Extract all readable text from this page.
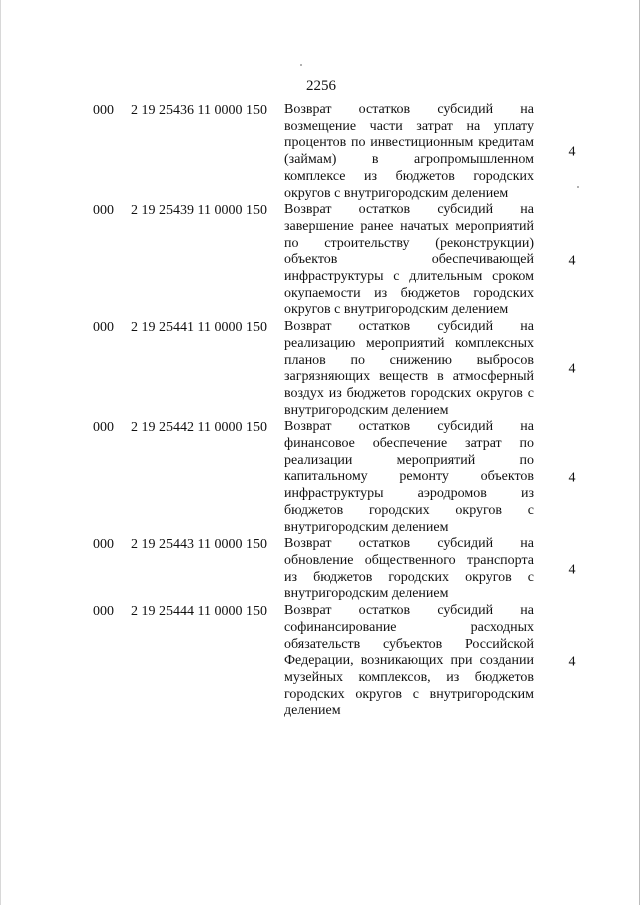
2256
000 2 19 25436 11 0000 150 Возврат остатков субсидий на возмещение части затрат на уплату процентов по инвестиционным кредитам (займам) в агропромышленном комплексе из бюджетов городских округов с внутригородским делением
4
000 2 19 25439 11 0000 150 Возврат остатков субсидий на завершение ранее начатых мероприятий по строительству (реконструкции) объектов обеспечивающей инфраструктуры с длительным сроком окупаемости из бюджетов городских округов с внутригородским делением
4
000 2 19 25441 11 0000 150 Возврат остатков субсидий на реализацию мероприятий комплексных планов по снижению выбросов загрязняющих веществ в атмосферный воздух из бюджетов городских округов с внутригородским делением
4
000 2 19 25442 11 0000 150 Возврат остатков субсидий на финансовое обеспечение затрат по реализации мероприятий по капитальному ремонту объектов инфраструктуры аэродромов из бюджетов городских округов с внутригородским делением
4
000 2 19 25443 11 0000 150 Возврат остатков субсидий на обновление общественного транспорта из бюджетов городских округов с внутригородским делением
4
000 2 19 25444 11 0000 150 Возврат остатков субсидий на софинансирование расходных обязательств субъектов Российской Федерации, возникающих при создании музейных комплексов, из бюджетов городских округов с внутригородским делением
4
